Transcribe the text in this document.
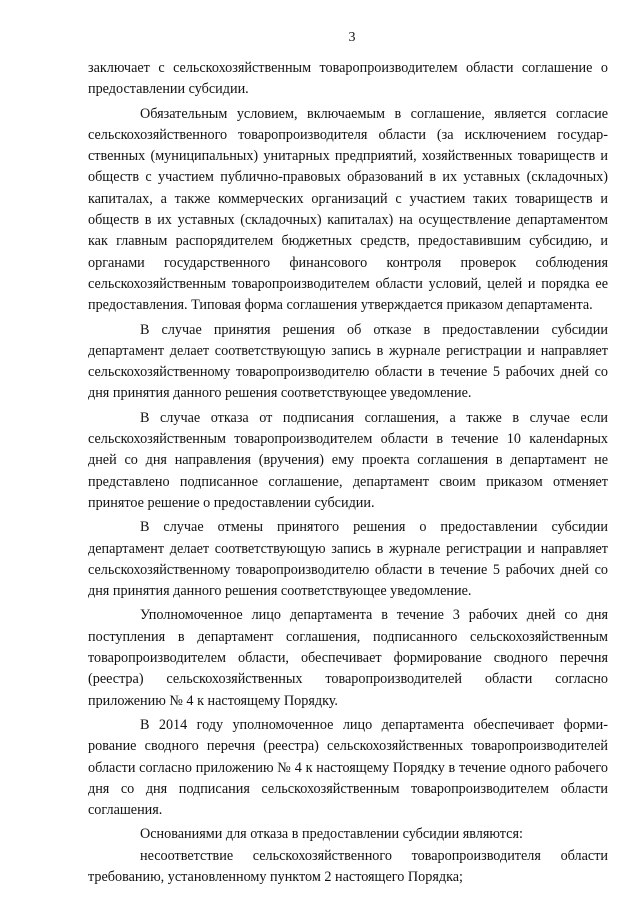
3

заключает с сельскохозяйственным товаропроизводителем области соглашение о предоставлении субсидии.

Обязательным условием, включаемым в соглашение, является согласие сельскохозяйственного товаропроизводителя области (за исключением государственных (муниципальных) унитарных предприятий, хозяйственных товариществ и обществ с участием публично-правовых образований в их уставных (складочных) капиталах, а также коммерческих организаций с участием таких товариществ и обществ в их уставных (складочных) капиталах) на осуществление департаментом как главным распорядителем бюджетных средств, предоставившим субсидию, и органами государственного финансового контроля проверок соблюдения сельскохозяйственным товаропроизводителем области условий, целей и порядка ее предоставления. Типовая форма соглашения утверждается приказом департамента.

В случае принятия решения об отказе в предоставлении субсидии департамент делает соответствующую запись в журнале регистрации и направляет сельскохозяйственному товаропроизводителю области в течение 5 рабочих дней со дня принятия данного решения соответствующее уведомление.

В случае отказа от подписания соглашения, а также в случае если сельскохозяйственным товаропроизводителем области в течение 10 каленdарных дней со дня направления (вручения) ему проекта соглашения в департамент не представлено подписанное соглашение, департамент своим приказом отменяет принятое решение о предоставлении субсидии.

В случае отмены принятого решения о предоставлении субсидии департамент делает соответствующую запись в журнале регистрации и направляет сельскохозяйственному товаропроизводителю области в течение 5 рабочих дней со дня принятия данного решения соответствующее уведомление.

Уполномоченное лицо департамента в течение 3 рабочих дней со дня поступления в департамент соглашения, подписанного сельскохозяйственным товаропроизводителем области, обеспечивает формирование сводного перечня (реестра) сельскохозяйственных товаропроизводителей области согласно приложению № 4 к настоящему Порядку.

В 2014 году уполномоченное лицо департамента обеспечивает формирование сводного перечня (реестра) сельскохозяйственных товаропроизводителей области согласно приложению № 4 к настоящему Порядку в течение одного рабочего дня со дня подписания сельскохозяйственным товаропроизводителем области соглашения.

Основаниями для отказа в предоставлении субсидии являются:

несоответствие сельскохозяйственного товаропроизводителя области требованию, установленному пунктом 2 настоящего Порядка;
